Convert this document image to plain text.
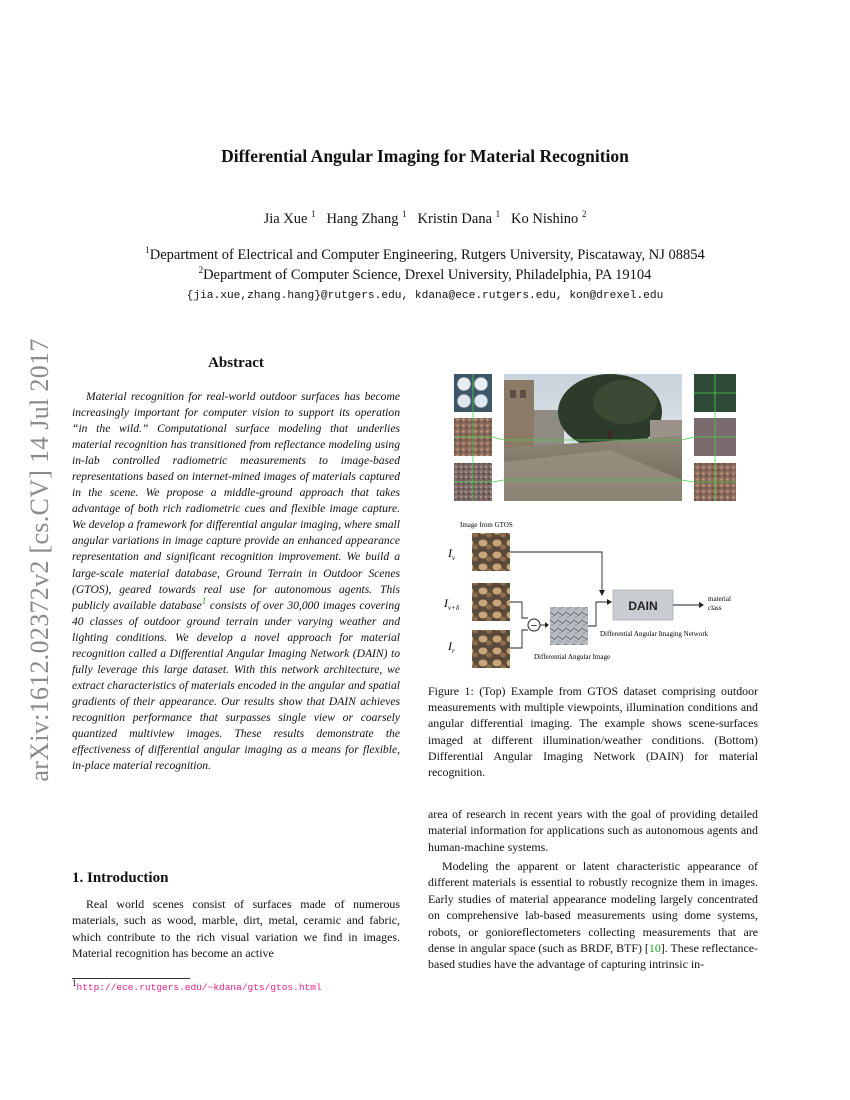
arXiv:1612.02372v2 [cs.CV] 14 Jul 2017
Differential Angular Imaging for Material Recognition
Jia Xue $^1$ Hang Zhang $^1$ Kristin Dana $^1$ Ko Nishino $^2$
$^1$Department of Electrical and Computer Engineering, Rutgers University, Piscataway, NJ 08854
$^2$Department of Computer Science, Drexel University, Philadelphia, PA 19104
{jia.xue,zhang.hang}@rutgers.edu, kdana@ece.rutgers.edu, kon@drexel.edu
Abstract

Material recognition for real-world outdoor surfaces has become increasingly important for computer vision to support its operation “in the wild.” Computational surface modeling that underlies material recognition has transitioned from reflectance modeling using in-lab controlled radiometric measurements to image-based representations based on internet-mined images of materials captured in the scene. We propose a middle-ground approach that takes advantage of both rich radiometric cues and flexible image capture. We develop a framework for differential angular imaging, where small angular variations in image capture provide an enhanced appearance representation and significant recognition improvement. We build a large-scale material database, Ground Terrain in Outdoor Scenes (GTOS), geared towards real use for autonomous agents. This publicly available database$^1$ consists of over 30,000 images covering 40 classes of outdoor ground terrain under varying weather and lighting conditions. We develop a novel approach for material recognition called a Differential Angular Imaging Network (DAIN) to fully leverage this large dataset. With this network architecture, we extract characteristics of materials encoded in the angular and spatial gradients of their appearance. Our results show that DAIN achieves recognition performance that surpasses single view or coarsely quantized multiview images. These results demonstrate the effectiveness of differential angular imaging as a means for flexible, in-place material recognition.

1. Introduction

Real world scenes consist of surfaces made of numerous materials, such as wood, marble, dirt, metal, ceramic and fabric, which contribute to the rich visual variation we find in images. Material recognition has become an active

$^1$http://ece.rutgers.edu/~kdana/gts/gtos.html
Image from GTOS
$I_v$
$I_{v+\delta}$
$I_r$
−
DAIN	material class
Differential Angular Imaging Network
Differential Angular Image

Figure 1: (Top) Example from GTOS dataset comprising outdoor measurements with multiple viewpoints, illumination conditions and angular differential imaging. The example shows scene-surfaces imaged at different illumination/weather conditions. (Bottom) Differential Angular Imaging Network (DAIN) for material recognition.

area of research in recent years with the goal of providing detailed material information for applications such as autonomous agents and human-machine systems.

Modeling the apparent or latent characteristic appearance of different materials is essential to robustly recognize them in images. Early studies of material appearance modeling largely concentrated on comprehensive lab-based measurements using dome systems, robots, or gonioreflectometers collecting measurements that are dense in angular space (such as BRDF, BTF) [10]. These reflectance-based studies have the advantage of capturing intrinsic in-
